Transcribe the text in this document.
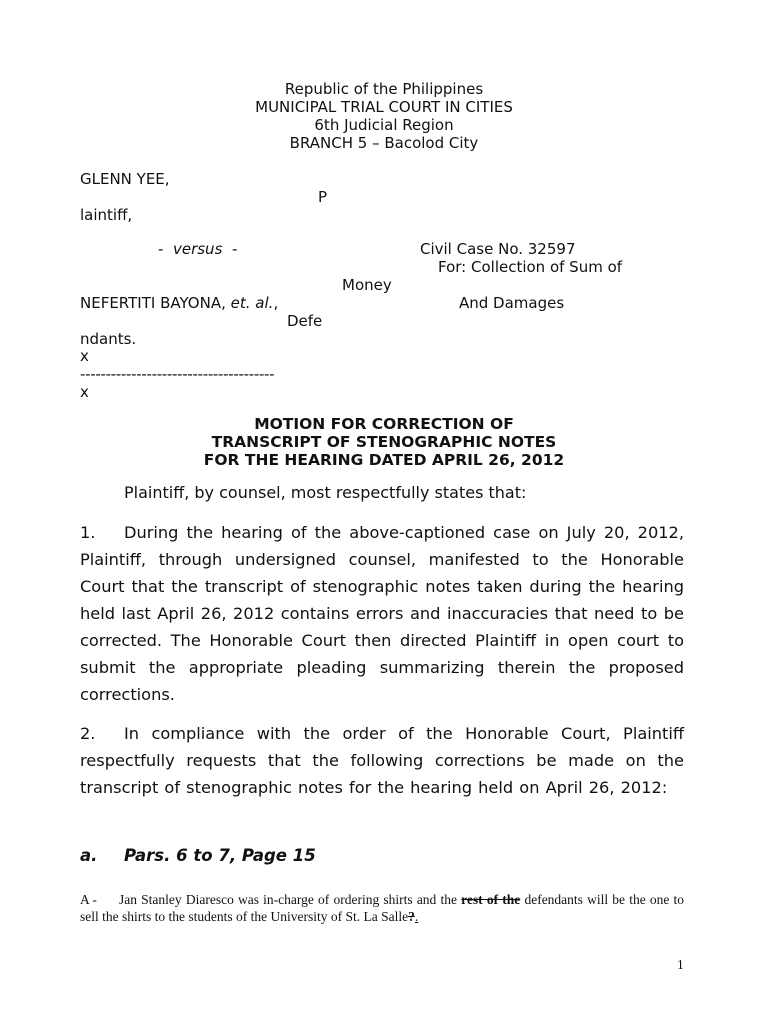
Republic of the Philippines
MUNICIPAL TRIAL COURT IN CITIES
6th Judicial Region
BRANCH 5 – Bacolod City
GLENN YEE,
P
laintiff,
- versus -	Civil Case No. 32597
For: Collection of Sum of
Money
NEFERTITI BAYONA, et. al.,	And Damages
Defe
ndants.
x
--------------------------------------
x
MOTION FOR CORRECTION OF
TRANSCRIPT OF STENOGRAPHIC NOTES
FOR THE HEARING DATED APRIL 26, 2012
Plaintiff, by counsel, most respectfully states that:
1. During the hearing of the above-captioned case on July 20, 2012, Plaintiff, through undersigned counsel, manifested to the Honorable Court that the transcript of stenographic notes taken during the hearing held last April 26, 2012 contains errors and inaccuracies that need to be corrected. The Honorable Court then directed Plaintiff in open court to submit the appropriate pleading summarizing therein the proposed corrections.
2. In compliance with the order of the Honorable Court, Plaintiff respectfully requests that the following corrections be made on the transcript of stenographic notes for the hearing held on April 26, 2012:
a. Pars. 6 to 7, Page 15
A - Jan Stanley Diaresco was in-charge of ordering shirts and the rest of the defendants will be the one to sell the shirts to the students of the University of St. La Salle?.
1
